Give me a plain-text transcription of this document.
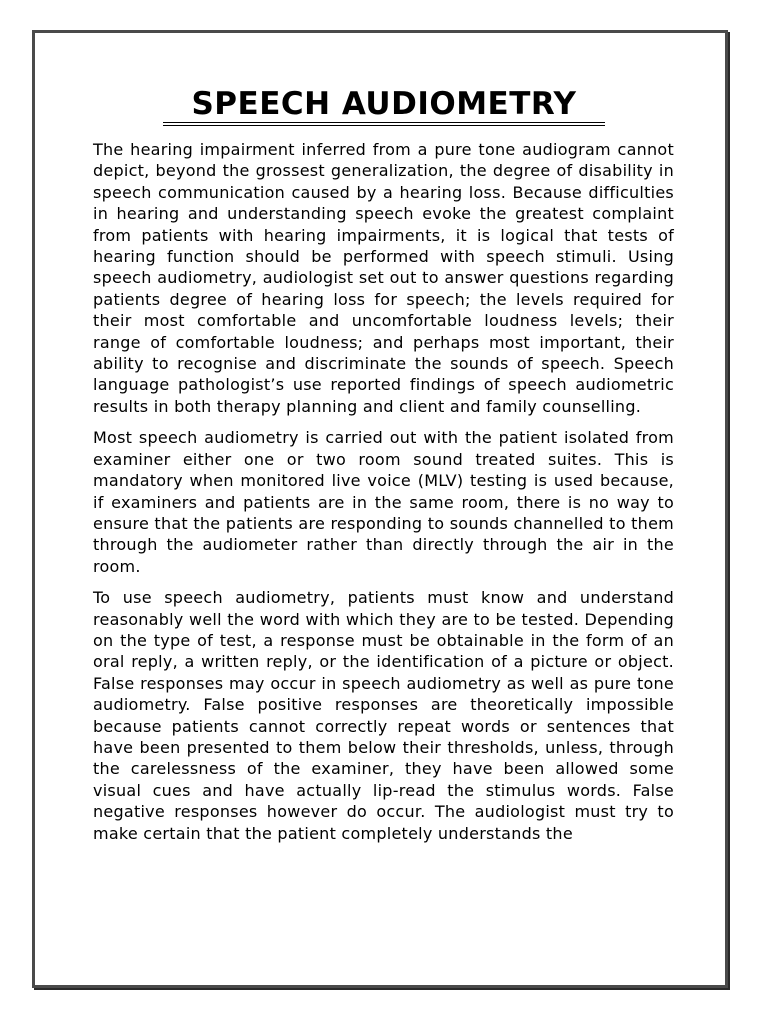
SPEECH AUDIOMETRY

The hearing impairment inferred from a pure tone audiogram cannot depict, beyond the grossest generalization, the degree of disability in speech communication caused by a hearing loss. Because difficulties in hearing and understanding speech evoke the greatest complaint from patients with hearing impairments, it is logical that tests of hearing function should be performed with speech stimuli. Using speech audiometry, audiologist set out to answer questions regarding patients degree of hearing loss for speech; the levels required for their most comfortable and uncomfortable loudness levels; their range of comfortable loudness; and perhaps most important, their ability to recognise and discriminate the sounds of speech. Speech language pathologist’s use reported findings of speech audiometric results in both therapy planning and client and family counselling.

Most speech audiometry is carried out with the patient isolated from examiner either one or two room sound treated suites. This is mandatory when monitored live voice (MLV) testing is used because, if examiners and patients are in the same room, there is no way to ensure that the patients are responding to sounds channelled to them through the audiometer rather than directly through the air in the room.

To use speech audiometry, patients must know and understand reasonably well the word with which they are to be tested. Depending on the type of test, a response must be obtainable in the form of an oral reply, a written reply, or the identification of a picture or object. False responses may occur in speech audiometry as well as pure tone audiometry. False positive responses are theoretically impossible because patients cannot correctly repeat words or sentences that have been presented to them below their thresholds, unless, through the carelessness of the examiner, they have been allowed some visual cues and have actually lip-read the stimulus words. False negative responses however do occur. The audiologist must try to make certain that the patient completely understands the
